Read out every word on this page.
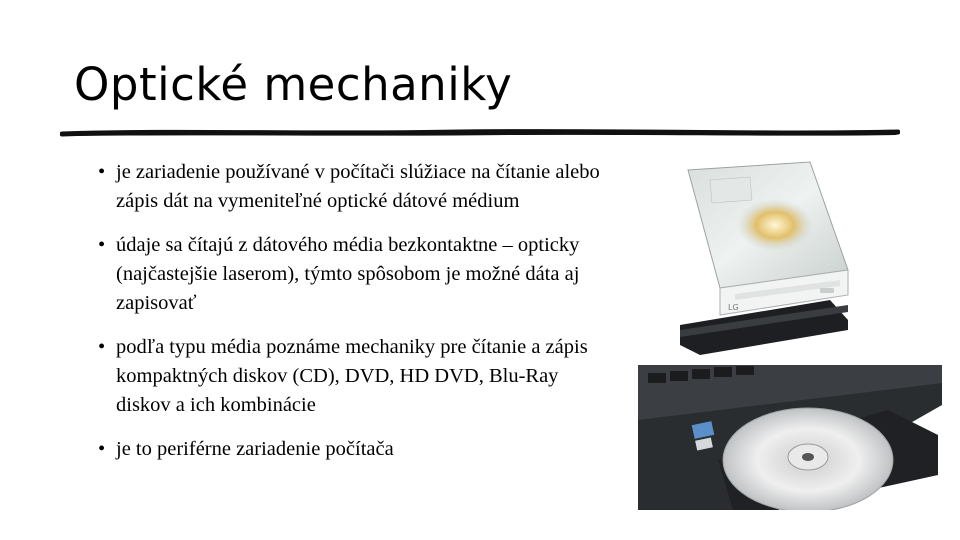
Optické mechaniky
• je zariadenie používané v počítači slúžiace na čítanie alebo zápis dát na vymeniteľné optické dátové médium
• údaje sa čítajú z dátového média bezkontaktne – opticky (najčastejšie laserom), týmto spôsobom je možné dáta aj zapisovať
• podľa typu média poznáme mechaniky pre čítanie a zápis kompaktných diskov (CD), DVD, HD DVD, Blu-Ray diskov a ich kombinácie
• je to periférne zariadenie počítača
LG
